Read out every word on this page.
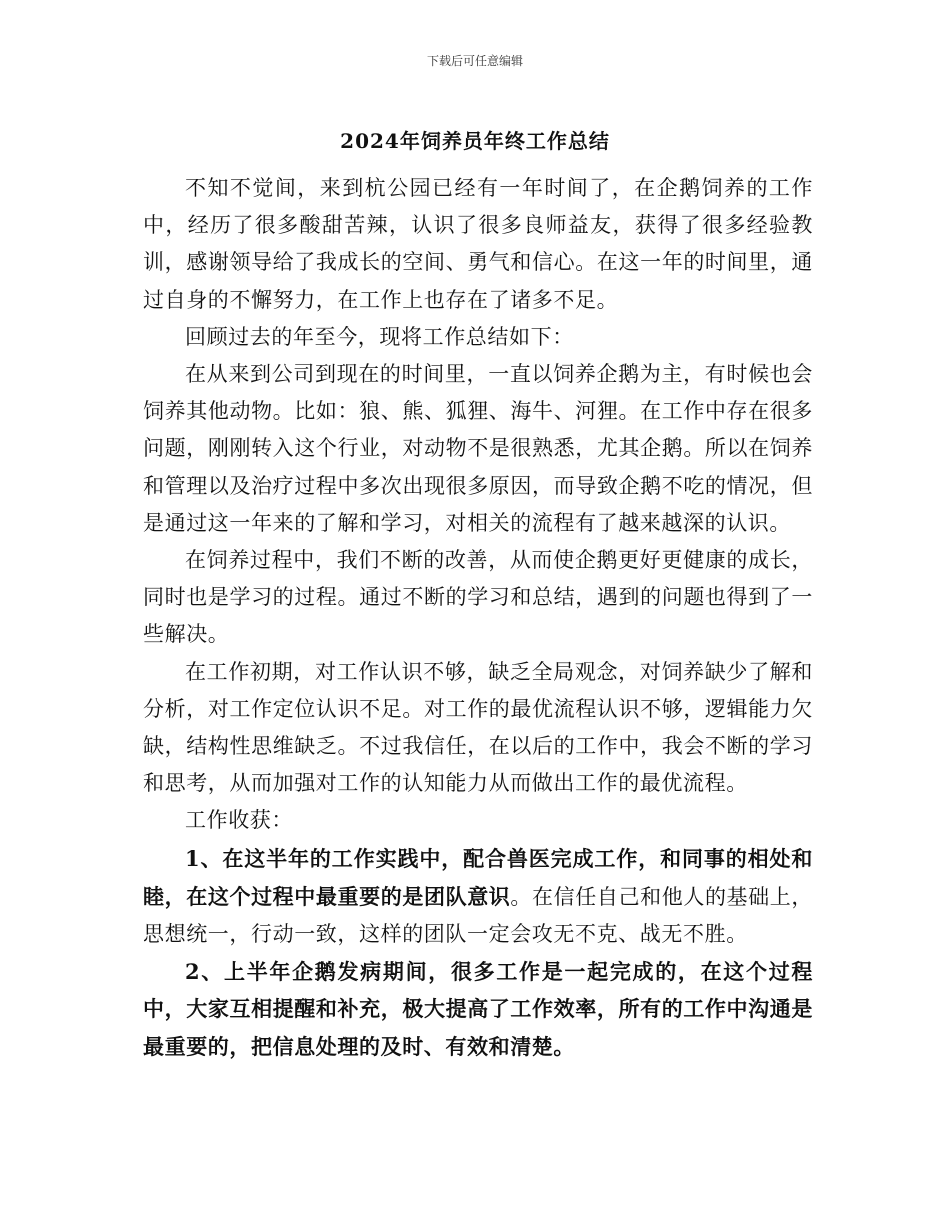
下载后可任意编辑
2024年饲养员年终工作总结

不知不觉间，来到杭公园已经有一年时间了，在企鹅饲养的工作中，经历了很多酸甜苦辣，认识了很多良师益友，获得了很多经验教训，感谢领导给了我成长的空间、勇气和信心。在这一年的时间里，通过自身的不懈努力，在工作上也存在了诸多不足。

回顾过去的年至今，现将工作总结如下：

在从来到公司到现在的时间里，一直以饲养企鹅为主，有时候也会饲养其他动物。比如：狼、熊、狐狸、海牛、河狸。在工作中存在很多问题，刚刚转入这个行业，对动物不是很熟悉，尤其企鹅。所以在饲养和管理以及治疗过程中多次出现很多原因，而导致企鹅不吃的情况，但是通过这一年来的了解和学习，对相关的流程有了越来越深的认识。

在饲养过程中，我们不断的改善，从而使企鹅更好更健康的成长，同时也是学习的过程。通过不断的学习和总结，遇到的问题也得到了一些解决。

在工作初期，对工作认识不够，缺乏全局观念，对饲养缺少了解和分析，对工作定位认识不足。对工作的最优流程认识不够，逻辑能力欠缺，结构性思维缺乏。不过我信任，在以后的工作中，我会不断的学习和思考，从而加强对工作的认知能力从而做出工作的最优流程。

工作收获：

1、在这半年的工作实践中，配合兽医完成工作，和同事的相处和睦，在这个过程中最重要的是团队意识。在信任自己和他人的基础上，思想统一，行动一致，这样的团队一定会攻无不克、战无不胜。

2、上半年企鹅发病期间，很多工作是一起完成的，在这个过程中，大家互相提醒和补充，极大提高了工作效率，所有的工作中沟通是最重要的，把信息处理的及时、有效和清楚。
